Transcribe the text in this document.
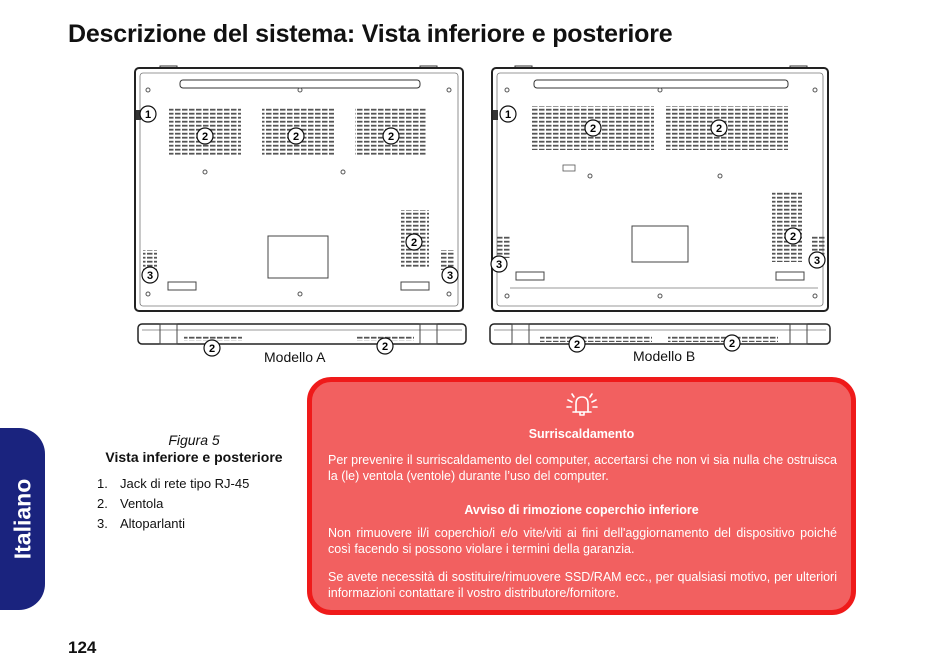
Descrizione del sistema: Vista inferiore e posteriore
1
2	2	2
2
3	3
1
2	2
2
3	3
2	2	2	2
Modello A	Modello B
Italiano
Figura 5
Vista inferiore e posteriore
1. Jack di rete tipo RJ-45
2. Ventola
3. Altoparlanti
Surriscaldamento

Per prevenire il surriscaldamento del computer, accertarsi che non vi sia nulla che ostruisca la (le) ventola (ventole) durante l’uso del computer.

Avviso di rimozione coperchio inferiore

Non rimuovere il/i coperchio/i e/o vite/viti ai fini dell'aggiornamento del dispositivo poiché così facendo si possono violare i termini della garanzia.

Se avete necessità di sostituire/rimuovere SSD/RAM ecc., per qualsiasi motivo, per ulteriori informazioni contattare il vostro distributore/fornitore.

124
